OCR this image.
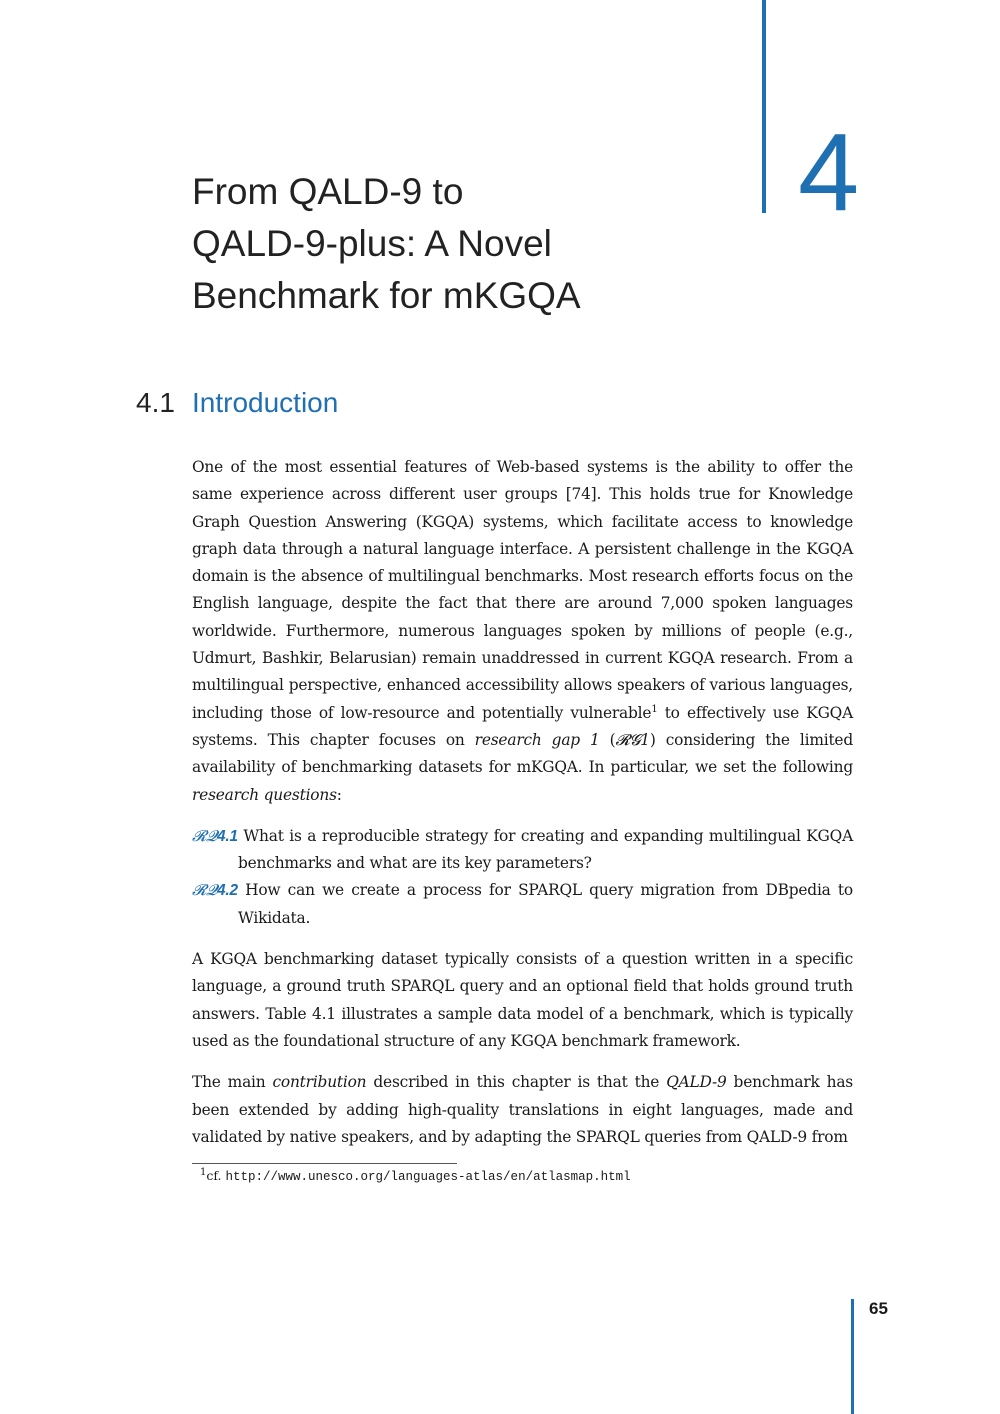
4
From QALD-9 to
QALD-9-plus: A Novel
Benchmark for mKGQA
4.1 Introduction

One of the most essential features of Web-based systems is the ability to offer the same experience across different user groups [74]. This holds true for Knowledge Graph Question Answering (KGQA) systems, which facilitate access to knowledge graph data through a natural language interface. A persistent challenge in the KGQA domain is the absence of multilingual benchmarks. Most research efforts focus on the English language, despite the fact that there are around 7,000 spoken languages worldwide. Furthermore, numerous languages spoken by millions of people (e.g., Udmurt, Bashkir, Belarusian) remain unaddressed in current KGQA research. From a multilingual perspective, enhanced accessibility allows speakers of various languages, including those of low-resource and potentially vulnerable$^1$ to effectively use KGQA systems. This chapter focuses on research gap 1 (𝓡𝓖1) considering the limited availability of benchmarking datasets for mKGQA. In particular, we set the following research questions:

𝓡𝓠4.1 What is a reproducible strategy for creating and expanding multilingual KGQA benchmarks and what are its key parameters?
𝓡𝓠4.2 How can we create a process for SPARQL query migration from DBpedia to Wikidata.

A KGQA benchmarking dataset typically consists of a question written in a specific language, a ground truth SPARQL query and an optional field that holds ground truth answers. Table 4.1 illustrates a sample data model of a benchmark, which is typically used as the foundational structure of any KGQA benchmark framework.

The main contribution described in this chapter is that the QALD-9 benchmark has been extended by adding high-quality translations in eight languages, made and validated by native speakers, and by adapting the SPARQL queries from QALD-9 from

$^1$cf. http://www.unesco.org/languages-atlas/en/atlasmap.html
65
